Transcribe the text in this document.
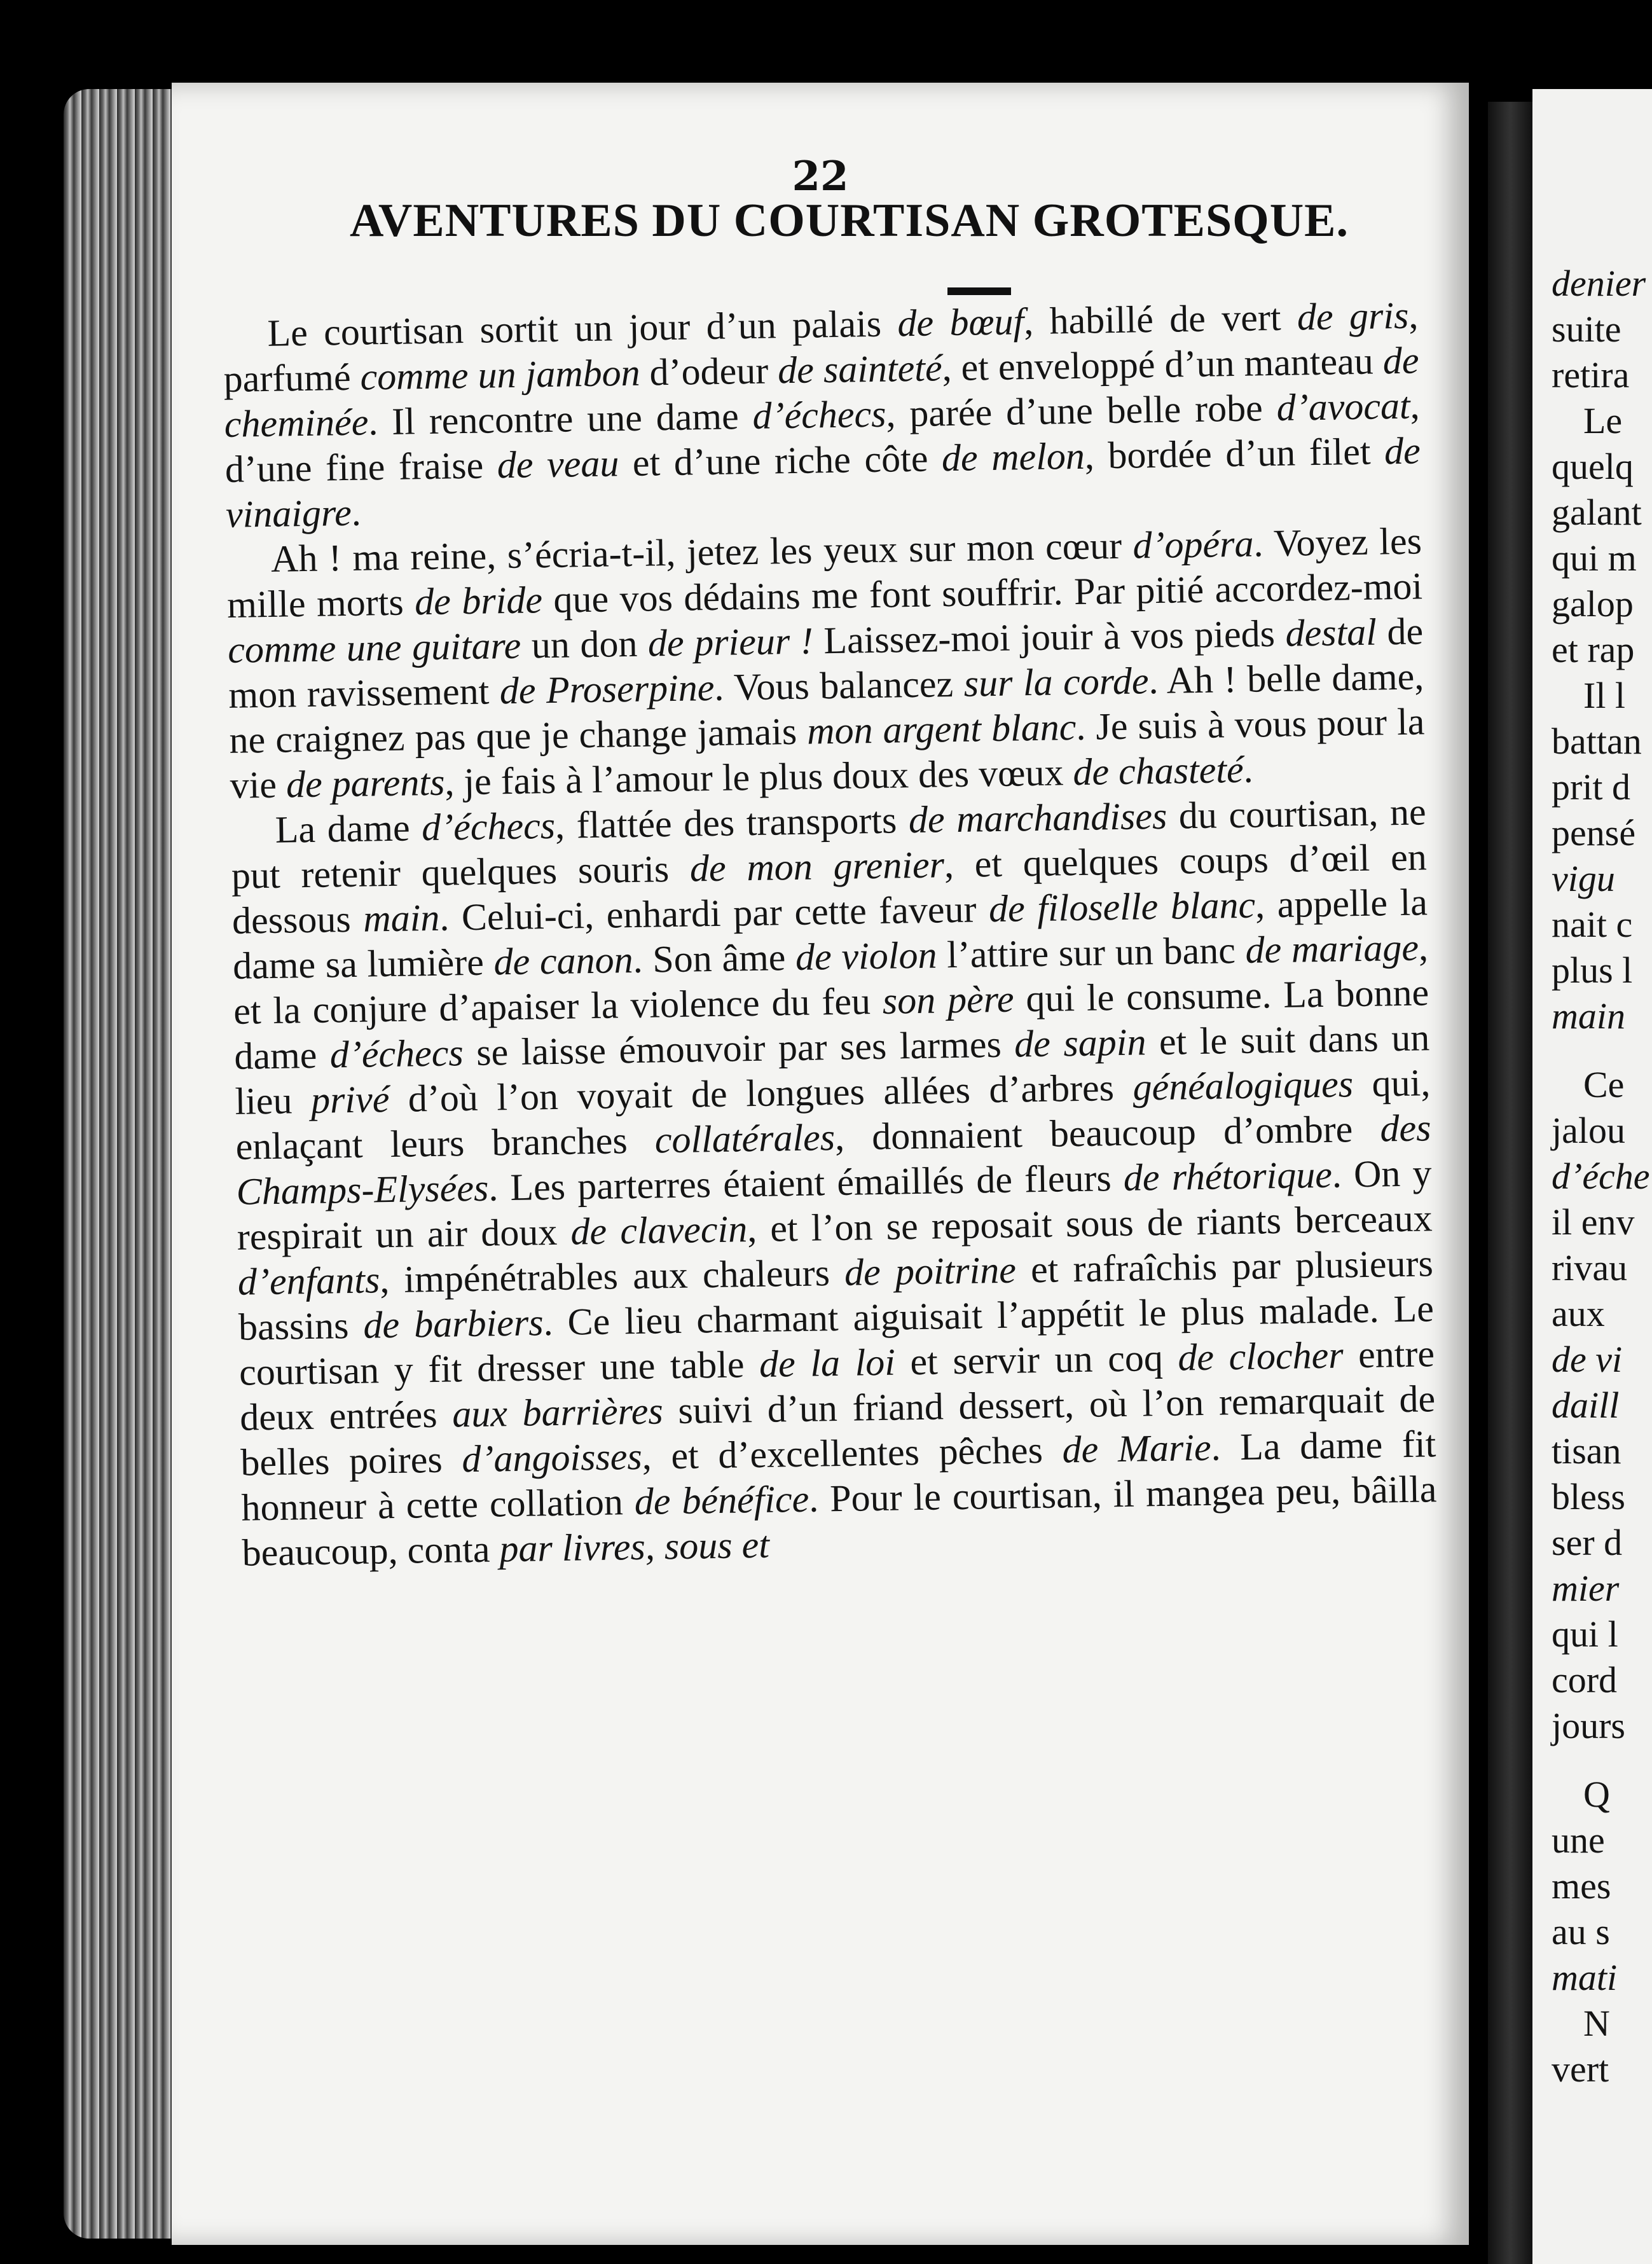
22
AVENTURES DU COURTISAN GROTESQUE.

Le courtisan sortit un jour d’un palais de bœuf, habillé de vert de gris, parfumé comme un jambon d’odeur de sainteté, et enveloppé d’un manteau de cheminée. Il rencontre une dame d’échecs, parée d’une belle robe d’avocat, d’une fine fraise de veau et d’une riche côte de melon, bordée d’un filet de vinaigre.

Ah ! ma reine, s’écria-t-il, jetez les yeux sur mon cœur d’opéra. Voyez les mille morts de bride que vos dédains me font souffrir. Par pitié accordez-moi comme une guitare un don de prieur ! Laissez-moi jouir à vos pieds destal de mon ravissement de Proserpine. Vous balancez sur la corde. Ah ! belle dame, ne craignez pas que je change jamais mon argent blanc. Je suis à vous pour la vie de parents, je fais à l’amour le plus doux des vœux de chasteté.

La dame d’échecs, flattée des transports de marchandises du courtisan, ne put retenir quelques souris de mon grenier, et quelques coups d’œil en dessous main. Celui-ci, enhardi par cette faveur de filoselle blanc, appelle la dame sa lumière de canon. Son âme de violon l’attire sur un banc de mariage, et la conjure d’apaiser la violence du feu son père qui le consume. La bonne dame d’échecs se laisse émouvoir par ses larmes de sapin et le suit dans un lieu privé d’où l’on voyait de longues allées d’arbres généalogiques qui, enlaçant leurs branches collatérales, donnaient beaucoup d’ombre des Champs-Elysées. Les parterres étaient émaillés de fleurs de rhétorique. On y respirait un air doux de clavecin, et l’on se reposait sous de riants berceaux d’enfants, impénétrables aux chaleurs de poitrine et rafraîchis par plusieurs bassins de barbiers. Ce lieu charmant aiguisait l’appétit le plus malade. Le courtisan y fit dresser une table de la loi et servir un coq de clocher entre deux entrées aux barrières suivi d’un friand dessert, où l’on remarquait de belles poires d’angoisses, et d’excellentes pêches de Marie. La dame fit honneur à cette collation de bénéfice. Pour le courtisan, il mangea peu, bâilla beaucoup, conta par livres, sous et

denier
suite
retira
Le
quelq
galant
qui m
galop
et rap
Il l
battan
prit d
pensé
vigu
nait c
plus l
main
Ce
jalou
d’éche
il env
rivau
aux
de vi
daill
tisan
bless
ser d
mier
qui l
cord
jours
Q
une
mes
au s
mati
N
vert
